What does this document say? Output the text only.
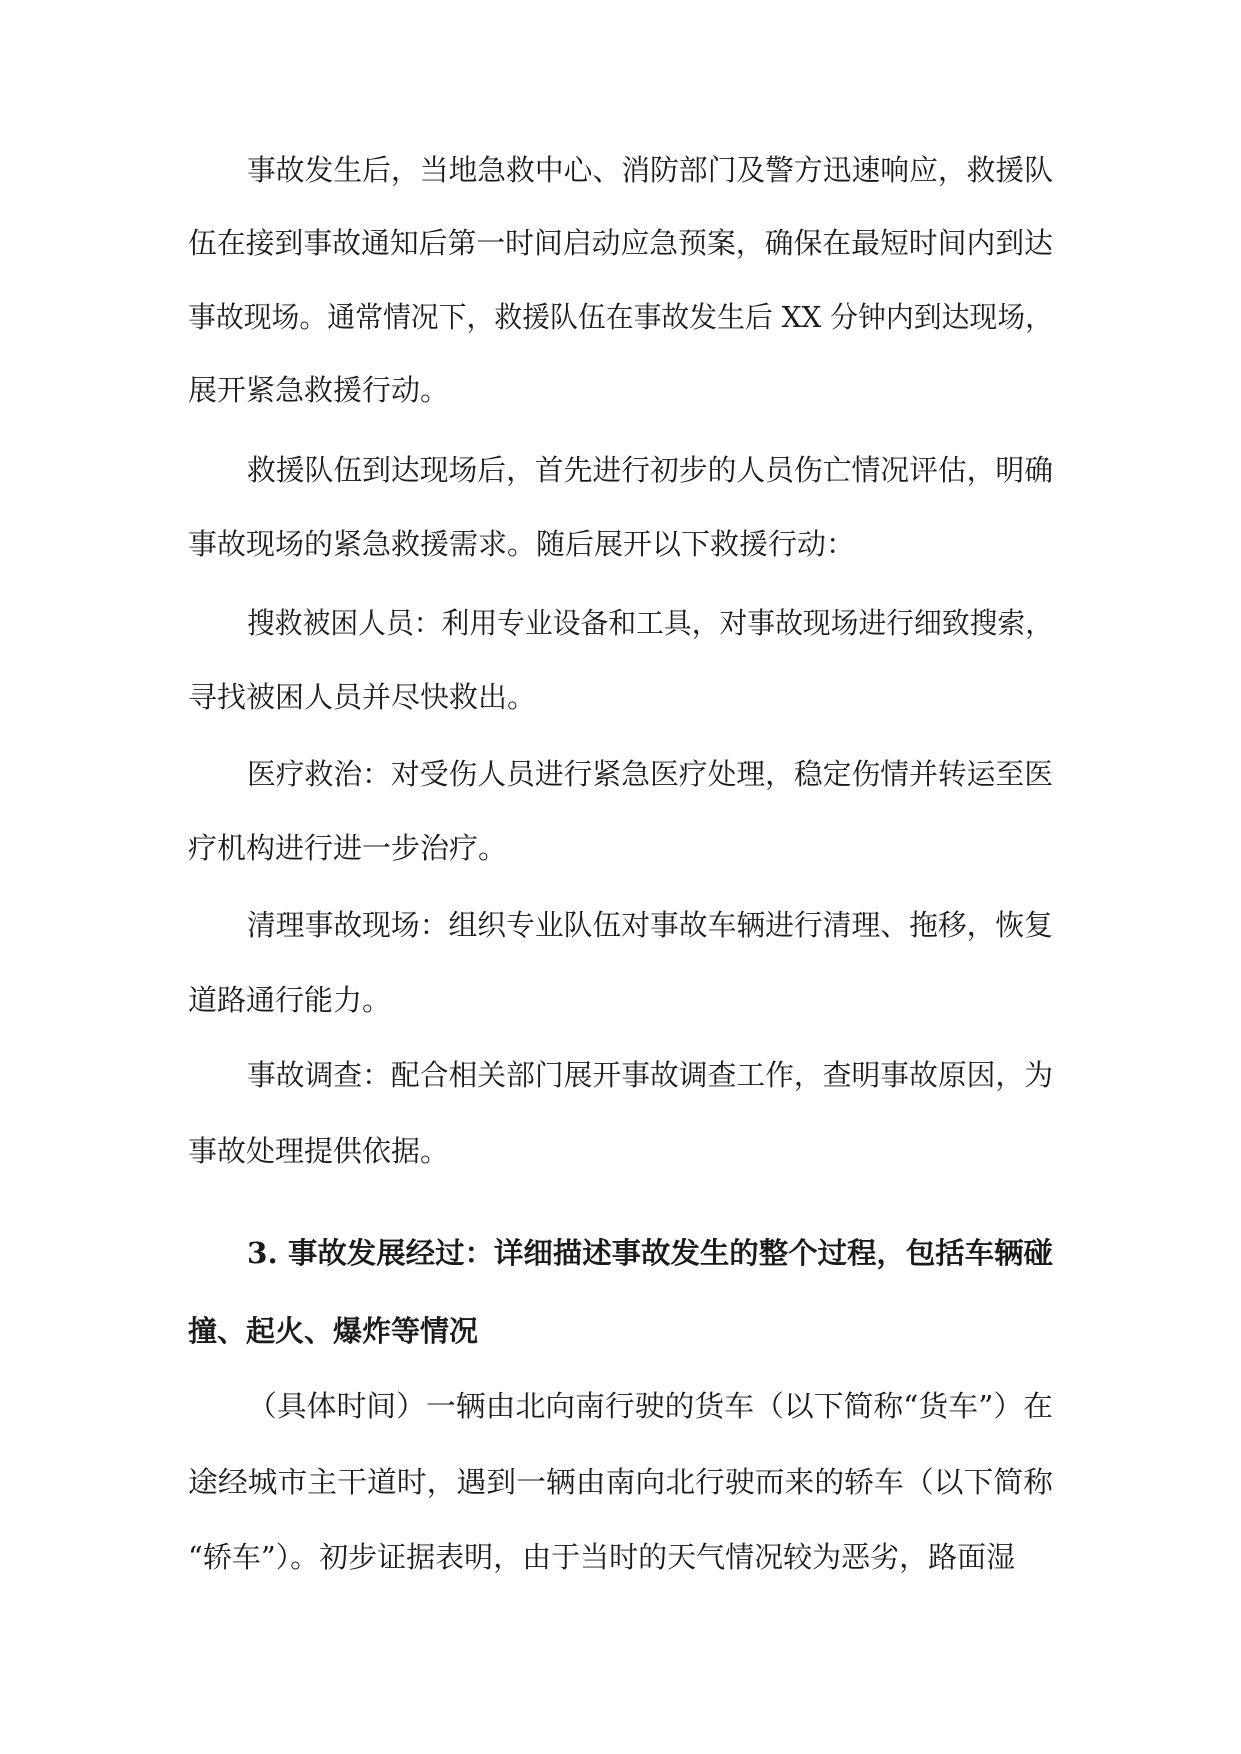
事故发生后，当地急救中心、消防部门及警方迅速响应，救援队

伍在接到事故通知后第一时间启动应急预案，确保在最短时间内到达

事故现场。通常情况下，救援队伍在事故发生后 XX 分钟内到达现场，

展开紧急救援行动。

救援队伍到达现场后，首先进行初步的人员伤亡情况评估，明确

事故现场的紧急救援需求。随后展开以下救援行动：

搜救被困人员：利用专业设备和工具，对事故现场进行细致搜索，

寻找被困人员并尽快救出。

医疗救治：对受伤人员进行紧急医疗处理，稳定伤情并转运至医

疗机构进行进一步治疗。

清理事故现场：组织专业队伍对事故车辆进行清理、拖移，恢复

道路通行能力。

事故调查：配合相关部门展开事故调查工作，查明事故原因，为

事故处理提供依据。

3. 事故发展经过：详细描述事故发生的整个过程，包括车辆碰
撞、起火、爆炸等情况

（具体时间）一辆由北向南行驶的货车（以下简称“货车”）在

途经城市主干道时，遇到一辆由南向北行驶而来的轿车（以下简称

“轿车”）。初步证据表明，由于当时的天气情况较为恶劣，路面湿
